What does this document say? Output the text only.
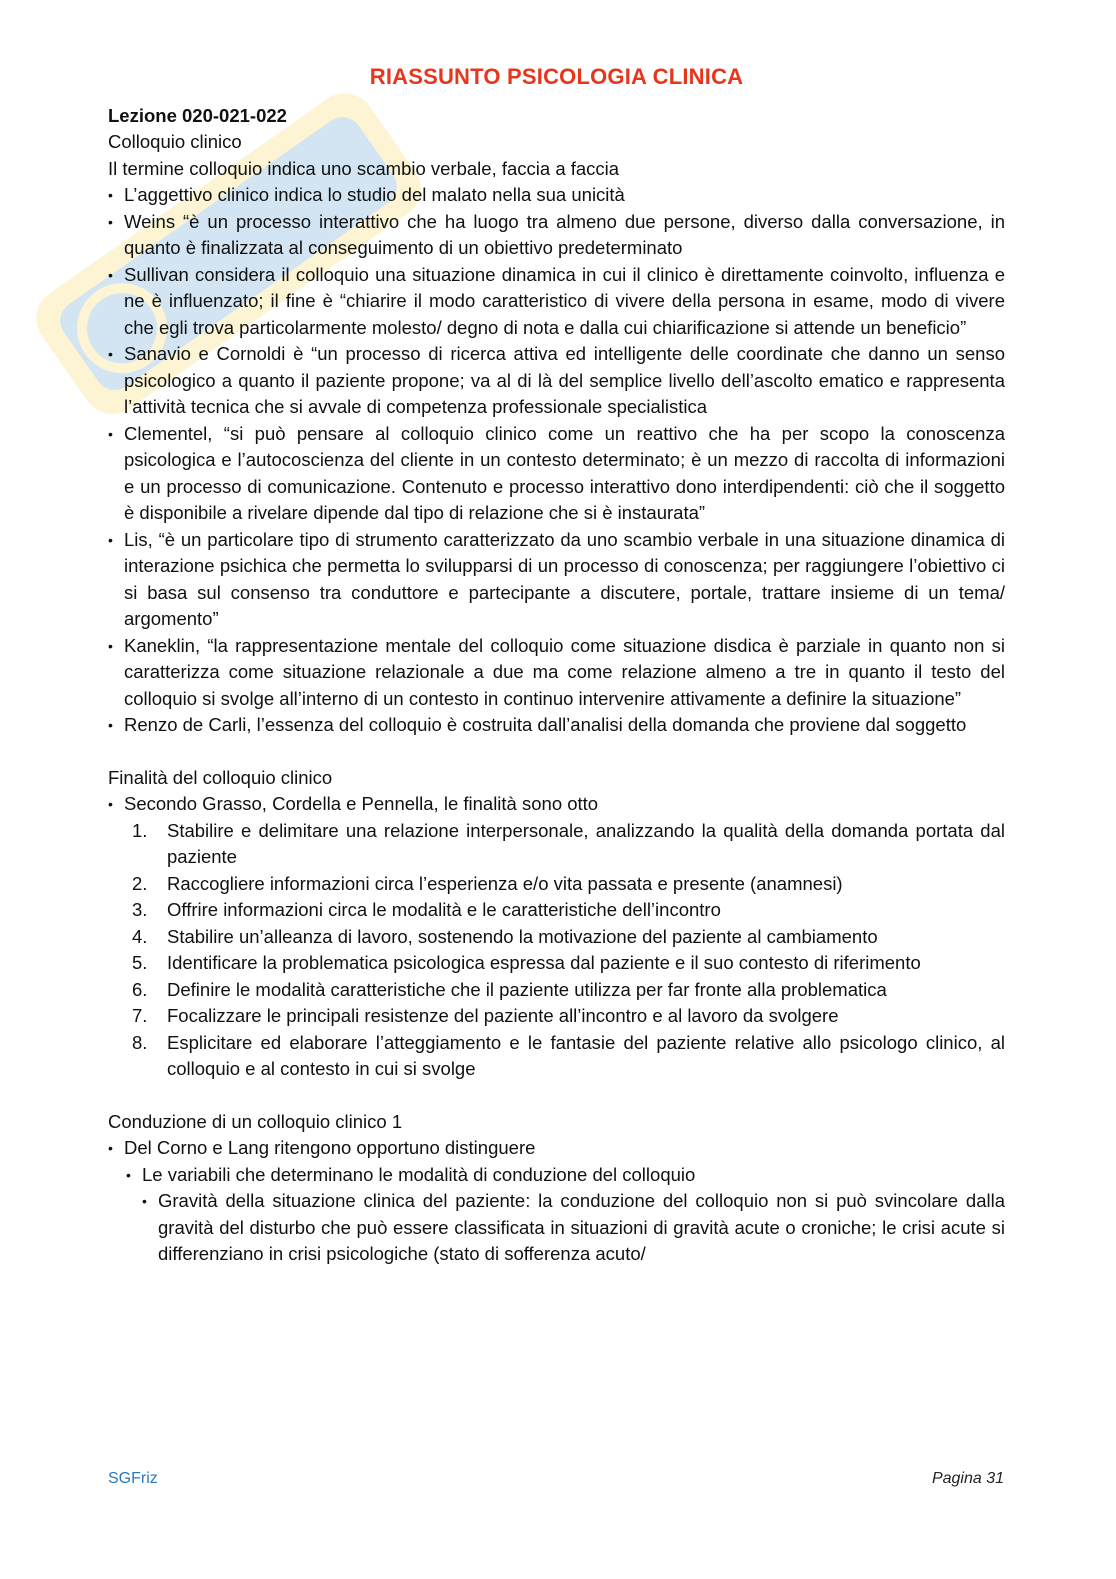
RIASSUNTO PSICOLOGIA CLINICA
Lezione 020-021-022

Colloquio clinico

Il termine colloquio indica uno scambio verbale, faccia a faccia

• L’aggettivo clinico indica lo studio del malato nella sua unicità
• Weins “è un processo interattivo che ha luogo tra almeno due persone, diverso dalla conversazione, in quanto è finalizzata al conseguimento di un obiettivo predeterminato
• Sullivan considera il colloquio una situazione dinamica in cui il clinico è direttamente coinvolto, influenza e ne è influenzato; il fine è “chiarire il modo caratteristico di vivere della persona in esame, modo di vivere che egli trova particolarmente molesto/ degno di nota e dalla cui chiarificazione si attende un beneficio”
• Sanavio e Cornoldi è “un processo di ricerca attiva ed intelligente delle coordinate che danno un senso psicologico a quanto il paziente propone; va al di là del semplice livello dell’ascolto ematico e rappresenta l’attività tecnica che si avvale di competenza professionale specialistica
• Clementel, “si può pensare al colloquio clinico come un reattivo che ha per scopo la conoscenza psicologica e l’autocoscienza del cliente in un contesto determinato; è un mezzo di raccolta di informazioni e un processo di comunicazione. Contenuto e processo interattivo dono interdipendenti: ciò che il soggetto è disponibile a rivelare dipende dal tipo di relazione che si è instaurata”
• Lis, “è un particolare tipo di strumento caratterizzato da uno scambio verbale in una situazione dinamica di interazione psichica che permetta lo svilupparsi di un processo di conoscenza; per raggiungere l’obiettivo ci si basa sul consenso tra conduttore e partecipante a discutere, portale, trattare insieme di un tema/ argomento”
• Kaneklin, “la rappresentazione mentale del colloquio come situazione disdica è parziale in quanto non si caratterizza come situazione relazionale a due ma come relazione almeno a tre in quanto il testo del colloquio si svolge all’interno di un contesto in continuo intervenire attivamente a definire la situazione”
• Renzo de Carli, l’essenza del colloquio è costruita dall’analisi della domanda che proviene dal soggetto

Finalità del colloquio clinico

• Secondo Grasso, Cordella e Pennella, le finalità sono otto
1. Stabilire e delimitare una relazione interpersonale, analizzando la qualità della domanda portata dal paziente
2. Raccogliere informazioni circa l’esperienza e/o vita passata e presente (anamnesi)
3. Offrire informazioni circa le modalità e le caratteristiche dell’incontro
4. Stabilire un’alleanza di lavoro, sostenendo la motivazione del paziente al cambiamento
5. Identificare la problematica psicologica espressa dal paziente e il suo contesto di riferimento
6. Definire le modalità caratteristiche che il paziente utilizza per far fronte alla problematica
7. Focalizzare le principali resistenze del paziente all’incontro e al lavoro da svolgere
8. Esplicitare ed elaborare l’atteggiamento e le fantasie del paziente relative allo psicologo clinico, al colloquio e al contesto in cui si svolge

Conduzione di un colloquio clinico 1

• Del Corno e Lang ritengono opportuno distinguere
• Le variabili che determinano le modalità di conduzione del colloquio
• Gravità della situazione clinica del paziente: la conduzione del colloquio non si può svincolare dalla gravità del disturbo che può essere classificata in situazioni di gravità acute o croniche; le crisi acute si differenziano in crisi psicologiche (stato di sofferenza acuto/
SGFriz	Pagina 31
